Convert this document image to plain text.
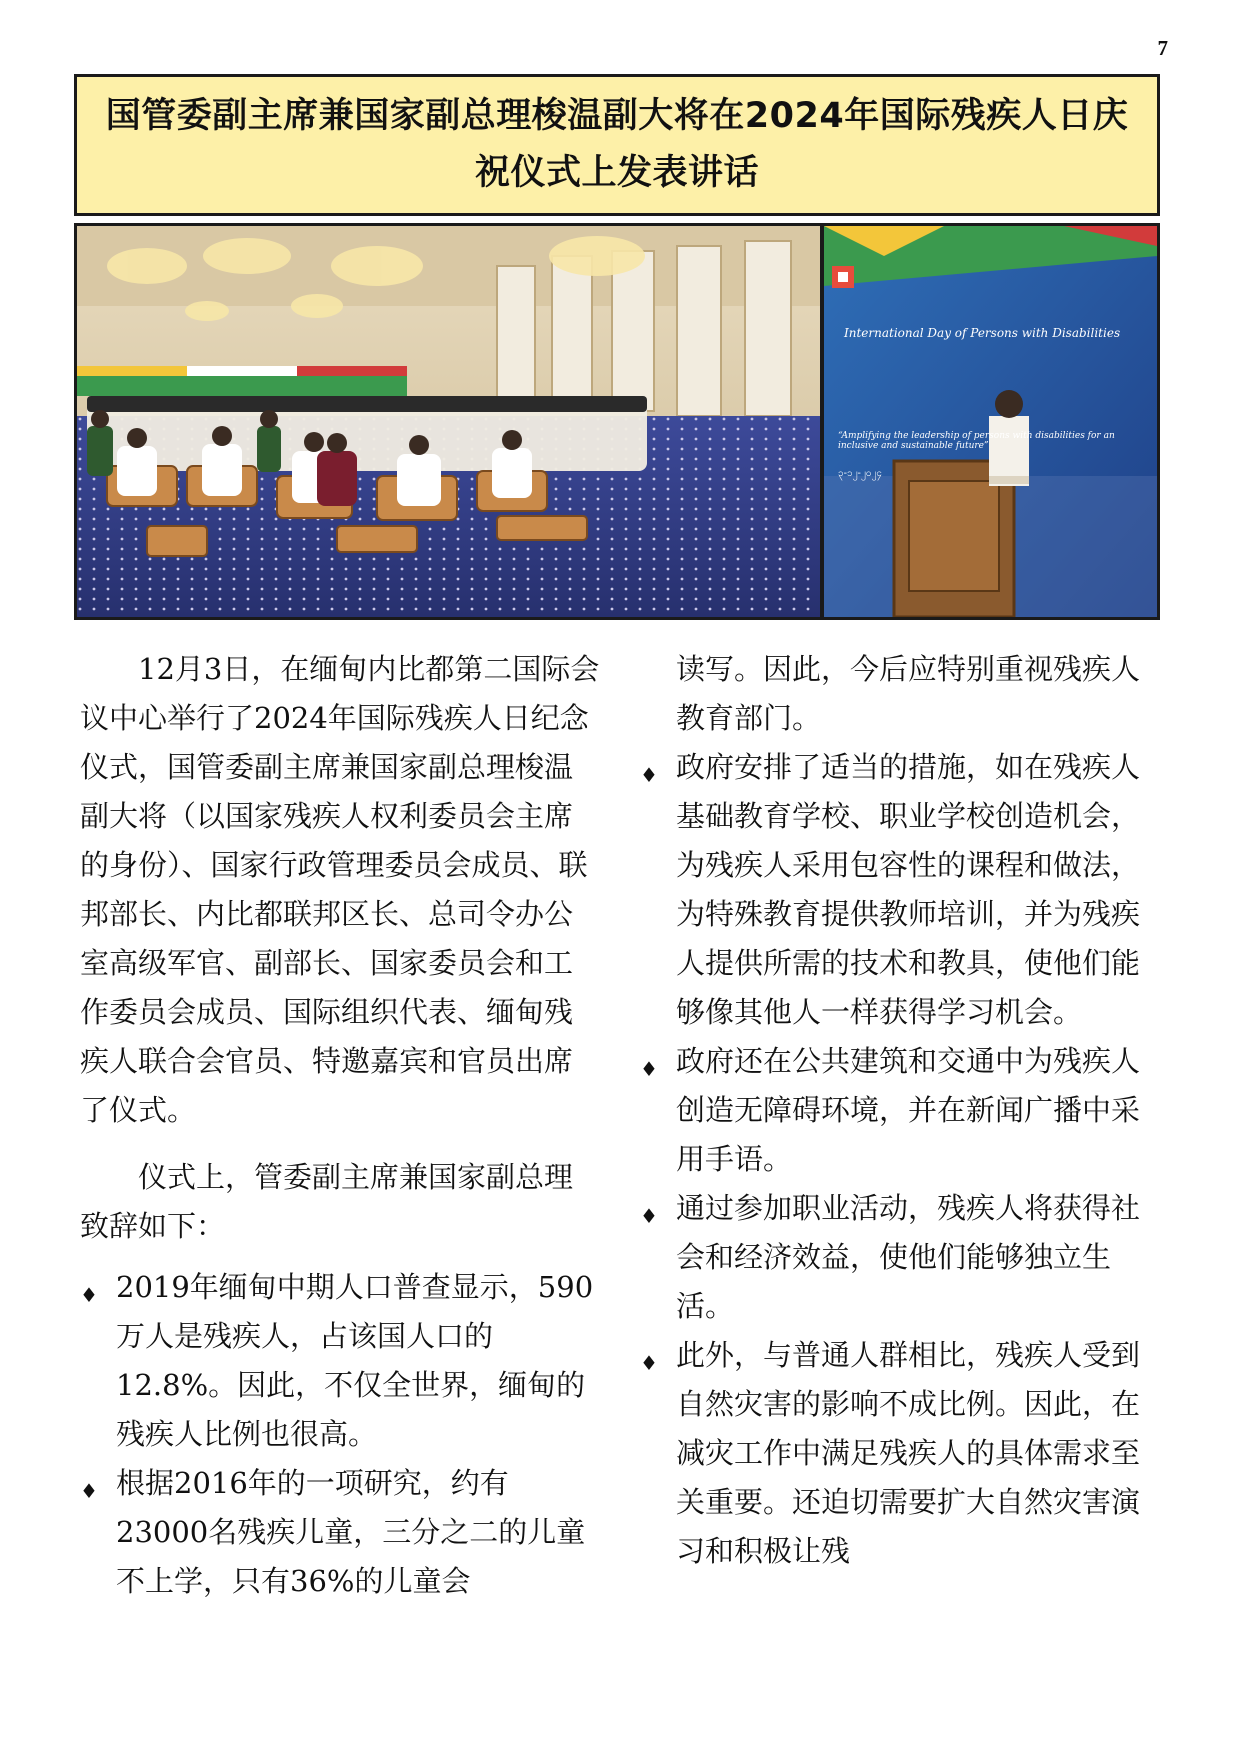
7
国管委副主席兼国家副总理梭温副大将在2024年国际残疾人日庆祝仪式上发表讲话
International Day of Persons with Disabilities
“Amplifying the leadership of persons with disabilities for an inclusive and sustainable future”
၃-၁၂-၂၀၂၄

12月3日，在缅甸内比都第二国际会议中心举行了2024年国际残疾人日纪念仪式，国管委副主席兼国家副总理梭温副大将（以国家残疾人权利委员会主席的身份）、国家行政管理委员会成员、联邦部长、内比都联邦区长、总司令办公室高级军官、副部长、国家委员会和工作委员会成员、国际组织代表、缅甸残疾人联合会官员、特邀嘉宾和官员出席了仪式。

仪式上，管委副主席兼国家副总理致辞如下：

♦ 2019年缅甸中期人口普查显示，590万人是残疾人，占该国人口的12.8%。因此，不仅全世界，缅甸的残疾人比例也很高。
♦ 根据2016年的一项研究，约有23000名残疾儿童，三分之二的儿童不上学，只有36%的儿童会
读写。因此，今后应特别重视残疾人教育部门。
♦ 政府安排了适当的措施，如在残疾人基础教育学校、职业学校创造机会，为残疾人采用包容性的课程和做法，为特殊教育提供教师培训，并为残疾人提供所需的技术和教具，使他们能够像其他人一样获得学习机会。
♦ 政府还在公共建筑和交通中为残疾人创造无障碍环境，并在新闻广播中采用手语。
♦ 通过参加职业活动，残疾人将获得社会和经济效益，使他们能够独立生活。
♦ 此外，与普通人群相比，残疾人受到自然灾害的影响不成比例。因此，在减灾工作中满足残疾人的具体需求至关重要。还迫切需要扩大自然灾害演习和积极让残
